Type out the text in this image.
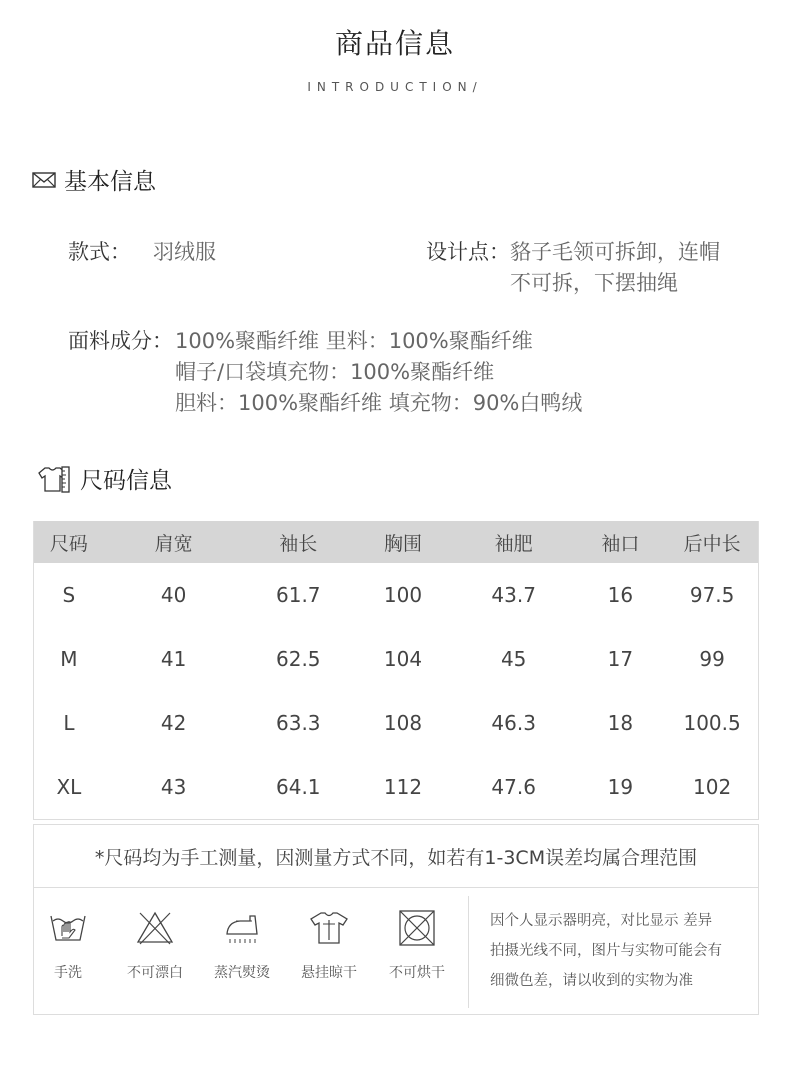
商品信息
INTRODUCTION/
基本信息
款式： 羽绒服	设计点： 貉子毛领可拆卸，连帽
不可拆，下摆抽绳
面料成分： 100%聚酯纤维 里料：100%聚酯纤维
帽子/口袋填充物：100%聚酯纤维
胆料：100%聚酯纤维 填充物：90%白鸭绒
尺码信息
尺码	肩宽	袖长	胸围	袖肥	袖口	后中长
S	40	61.7	100	43.7	16	97.5
M	41	62.5	104	45	17	99
L	42	63.3	108	46.3	18	100.5
XL	43	64.1	112	47.6	19	102
*尺码均为手工测量，因测量方式不同，如若有1-3CM误差均属合理范围
手洗	不可漂白	蒸汽熨烫	悬挂晾干	不可烘干
因个人显示器明亮，对比显示 差异
拍摄光线不同，图片与实物可能会有
细微色差，请以收到的实物为准
